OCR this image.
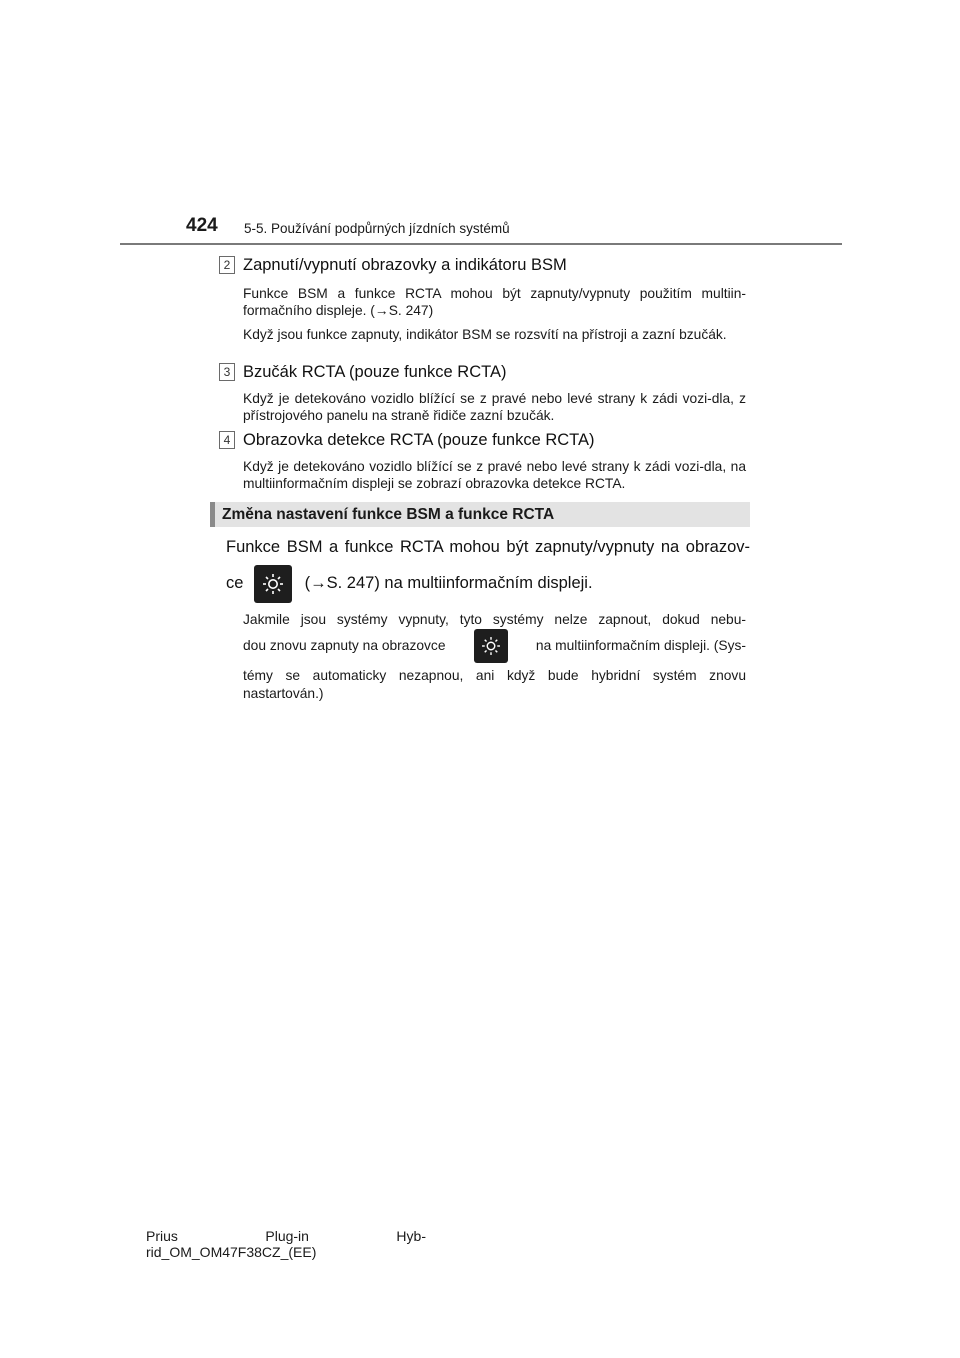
424 5-5. Používání podpůrných jízdních systémů
2 Zapnutí/vypnutí obrazovky a indikátoru BSM

Funkce BSM a funkce RCTA mohou být zapnuty/vypnuty použitím multiin-formačního displeje. (→S. 247)

Když jsou funkce zapnuty, indikátor BSM se rozsvítí na přístroji a zazní bzučák.

3 Bzučák RCTA (pouze funkce RCTA)

Když je detekováno vozidlo blížící se z pravé nebo levé strany k zádi vozi-dla, z přístrojového panelu na straně řidiče zazní bzučák.

4 Obrazovka detekce RCTA (pouze funkce RCTA)

Když je detekováno vozidlo blížící se z pravé nebo levé strany k zádi vozi-dla, na multiinformačním displeji se zobrazí obrazovka detekce RCTA.

Změna nastavení funkce BSM a funkce RCTA
Funkce BSM a funkce RCTA mohou být zapnuty/vypnuty na obrazov-
ce	(→S. 247) na multiinformačním displeji.
Jakmile jsou systémy vypnuty, tyto systémy nelze zapnout, dokud nebu-
dou znovu zapnuty na obrazovce	na multiinformačním displeji. (Sys-
témy se automaticky nezapnou, ani když bude hybridní systém znovu
nastartován.)
Prius Plug-in Hyb-
rid_OM_OM47F38CZ_(EE)
